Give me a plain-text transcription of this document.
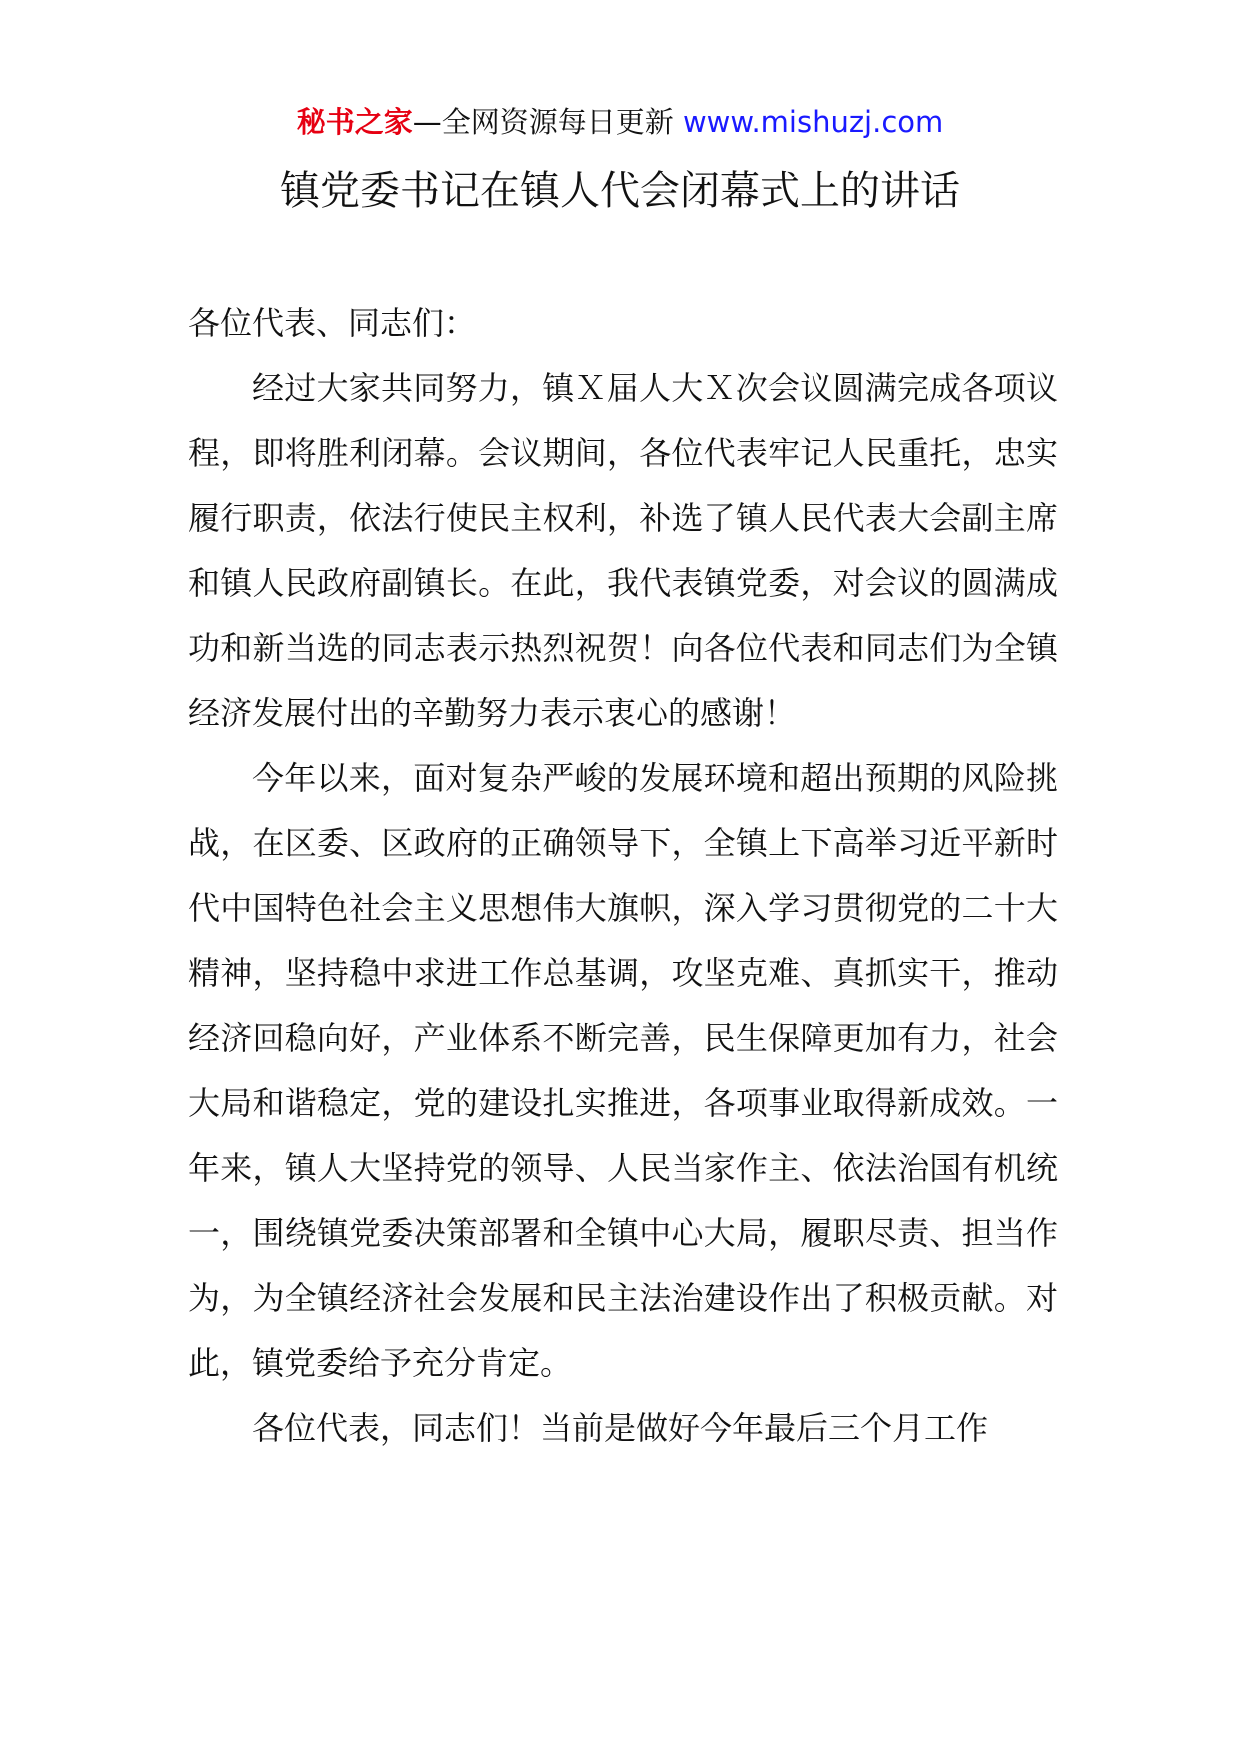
秘书之家—全网资源每日更新 www.mishuzj.com
镇党委书记在镇人代会闭幕式上的讲话

各位代表、同志们：

经过大家共同努力，镇Ｘ届人大Ｘ次会议圆满完成各项议程，即将胜利闭幕。会议期间，各位代表牢记人民重托，忠实履行职责，依法行使民主权利，补选了镇人民代表大会副主席和镇人民政府副镇长。在此，我代表镇党委，对会议的圆满成功和新当选的同志表示热烈祝贺！向各位代表和同志们为全镇经济发展付出的辛勤努力表示衷心的感谢！

今年以来，面对复杂严峻的发展环境和超出预期的风险挑战，在区委、区政府的正确领导下，全镇上下高举习近平新时代中国特色社会主义思想伟大旗帜，深入学习贯彻党的二十大精神，坚持稳中求进工作总基调，攻坚克难、真抓实干，推动经济回稳向好，产业体系不断完善，民生保障更加有力，社会大局和谐稳定，党的建设扎实推进，各项事业取得新成效。一年来，镇人大坚持党的领导、人民当家作主、依法治国有机统一，围绕镇党委决策部署和全镇中心大局，履职尽责、担当作为，为全镇经济社会发展和民主法治建设作出了积极贡献。对此，镇党委给予充分肯定。

各位代表，同志们！当前是做好今年最后三个月工作
